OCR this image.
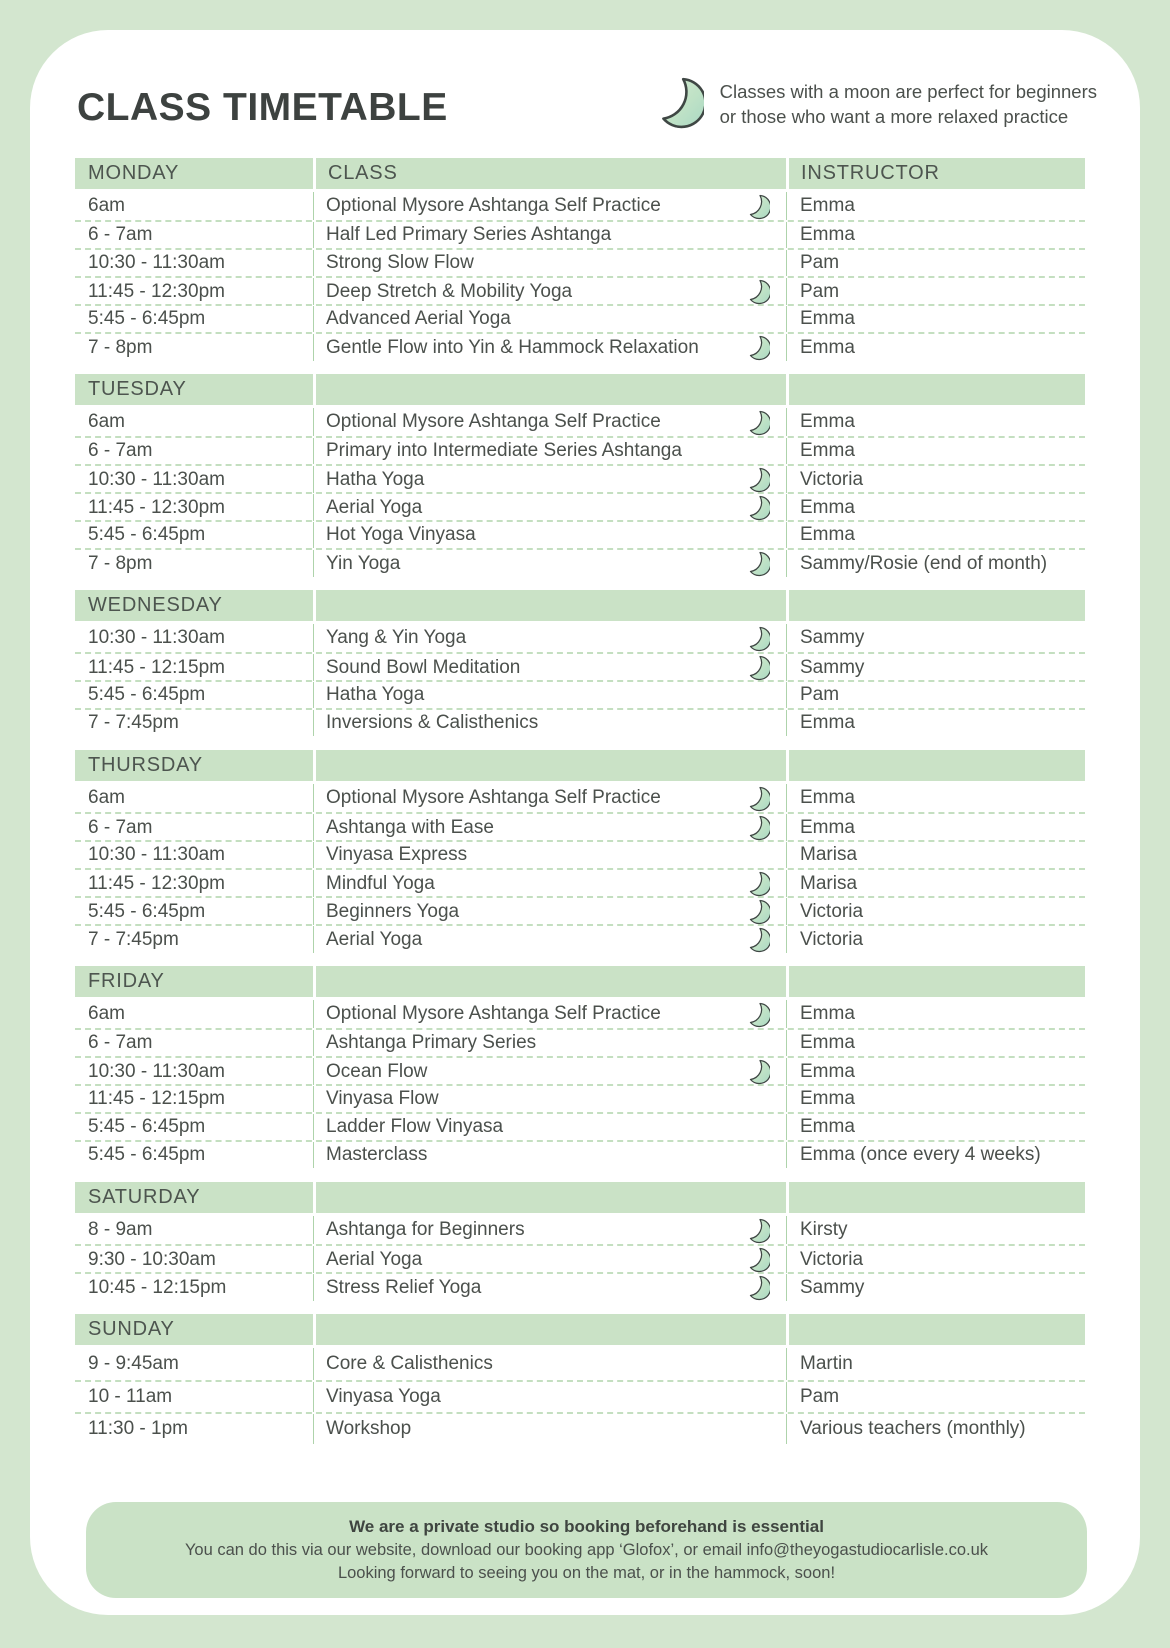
CLASS TIMETABLE	Classes with a moon are perfect for beginners
or those who want a more relaxed practice

MONDAY	CLASS	INSTRUCTOR
6am	Optional Mysore Ashtanga Self Practice	Emma
6 - 7am	Half Led Primary Series Ashtanga	Emma
10:30 - 11:30am	Strong Slow Flow	Pam
11:45 - 12:30pm	Deep Stretch & Mobility Yoga	Pam
5:45 - 6:45pm	Advanced Aerial Yoga	Emma
7 - 8pm	Gentle Flow into Yin & Hammock Relaxation	Emma
TUESDAY
6am	Optional Mysore Ashtanga Self Practice	Emma
6 - 7am	Primary into Intermediate Series Ashtanga	Emma
10:30 - 11:30am	Hatha Yoga	Victoria
11:45 - 12:30pm	Aerial Yoga	Emma
5:45 - 6:45pm	Hot Yoga Vinyasa	Emma
7 - 8pm	Yin Yoga	Sammy/Rosie (end of month)
WEDNESDAY
10:30 - 11:30am	Yang & Yin Yoga	Sammy
11:45 - 12:15pm	Sound Bowl Meditation	Sammy
5:45 - 6:45pm	Hatha Yoga	Pam
7 - 7:45pm	Inversions & Calisthenics	Emma
THURSDAY
6am	Optional Mysore Ashtanga Self Practice	Emma
6 - 7am	Ashtanga with Ease	Emma
10:30 - 11:30am	Vinyasa Express	Marisa
11:45 - 12:30pm	Mindful Yoga	Marisa
5:45 - 6:45pm	Beginners Yoga	Victoria
7 - 7:45pm	Aerial Yoga	Victoria
FRIDAY
6am	Optional Mysore Ashtanga Self Practice	Emma
6 - 7am	Ashtanga Primary Series	Emma
10:30 - 11:30am	Ocean Flow	Emma
11:45 - 12:15pm	Vinyasa Flow	Emma
5:45 - 6:45pm	Ladder Flow Vinyasa	Emma
5:45 - 6:45pm	Masterclass	Emma (once every 4 weeks)
SATURDAY
8 - 9am	Ashtanga for Beginners	Kirsty
9:30 - 10:30am	Aerial Yoga	Victoria
10:45 - 12:15pm	Stress Relief Yoga	Sammy
SUNDAY
9 - 9:45am	Core & Calisthenics	Martin
10 - 11am	Vinyasa Yoga	Pam
11:30 - 1pm	Workshop	Various teachers (monthly)

We are a private studio so booking beforehand is essential

You can do this via our website, download our booking app ‘Glofox’, or email info@theyogastudiocarlisle.co.uk

Looking forward to seeing you on the mat, or in the hammock, soon!
